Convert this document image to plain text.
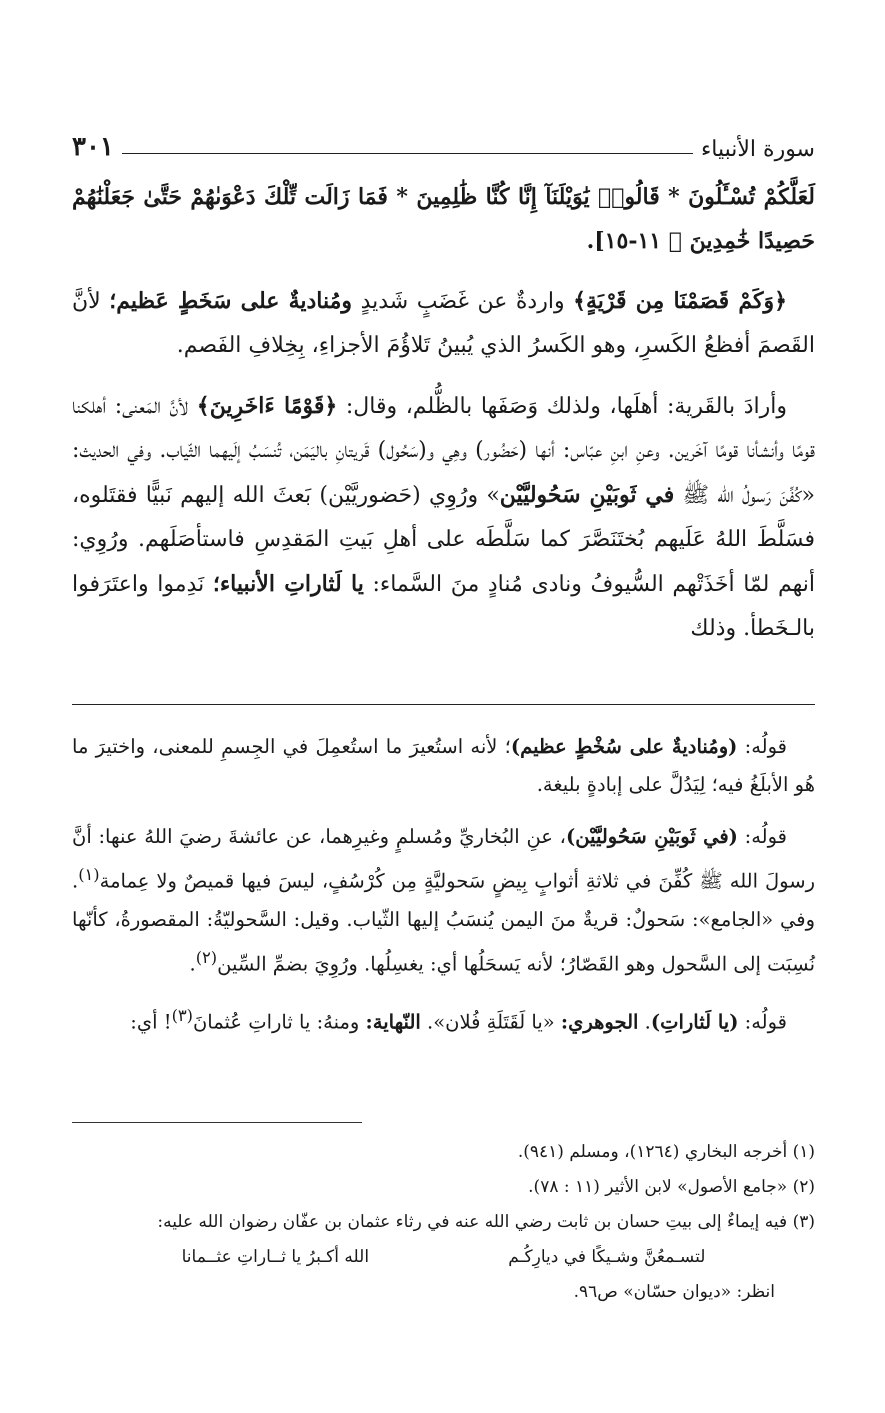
سورة الأنبياء
٣٠١

لَعَلَّكُمْ تُسْـَٔلُونَ * قَالُوا۟ يَٰوَيْلَنَآ إِنَّا كُنَّا ظَٰلِمِينَ * فَمَا زَالَت تِّلْكَ دَعْوَىٰهُمْ حَتَّىٰ جَعَلْنَٰهُمْ حَصِيدًا خَٰمِدِينَ ﴾ ١١-١٥].

﴿وَكَمْ قَصَمْنَا مِن قَرْيَةٍ﴾ واردةٌ عن غَضَبٍ شَديدٍ ومُناديةٌ على سَخَطٍ عَظيم؛ لأنَّ القَصمَ أفظعُ الكَسرِ، وهو الكَسرُ الذي يُبينُ تَلاؤُمَ الأجزاءِ، بِخِلافِ الفَصم.

وأرادَ بالقَرية: أهلَها، ولذلك وَصَفَها بالظُّلم، وقال: ﴿قَوْمًا ءَاخَرِينَ﴾ لأنَّ المَعنى: أهلكنا قومًا وأنشأنا قومًا آخَرين. وعنِ ابنِ عبّاس: أنها (حَضُور) وهِي و(سَحُول) قَريتانِ باليَمَن، تُنسَبُ إلَيهما الثّياب. وفي الحديث: «كُفِّنَ رَسولُ الله ﷺ في ثَوبَيْنِ سَحُوليَّيْن» ورُوِي (حَضوريَّيْن) بَعثَ الله إليهم نَبيًّا فقتَلوه، فسَلَّطَ اللهُ عَلَيهم بُختَنَصَّرَ كما سَلَّطَه على أهلِ بَيتِ المَقدِسِ فاستأصَلَهم. ورُوِي: أنهم لمّا أخَذَتْهم السُّيوفُ ونادى مُنادٍ منَ السَّماء: يا لَثاراتِ الأنبياء؛ نَدِموا واعتَرَفوا بالـخَطأ. وذلك

قولُه: (ومُناديةٌ على سُخْطٍ عظيم)؛ لأنه استُعيرَ ما استُعمِلَ في الجِسمِ للمعنى، واختيرَ ما هُو الأبلَغُ فيه؛ لِيَدُلَّ على إبادةٍ بليغة.

قولُه: (في ثَوبَيْنِ سَحُوليَّيْن)، عنِ البُخاريِّ ومُسلمٍ وغيرِهما، عن عائشةَ رضيَ اللهُ عنها: أنَّ رسولَ الله ﷺ كُفِّنَ في ثلاثةِ أثوابٍ بِيضٍ سَحوليَّةٍ مِن كُرْسُفٍ، ليسَ فيها قميصٌ ولا عِمامة$^{(١)}$. وفي «الجامع»: سَحولٌ: قريةٌ منَ اليمن يُنسَبُ إليها الثّياب. وقيل: السَّحوليّةُ: المقصورةُ، كأنّها نُسِبَت إلى السَّحول وهو القَصّارُ؛ لأنه يَسحَلُها أي: يغسِلُها. ورُوِيَ بضمِّ السِّين$^{(٢)}$.

قولُه: (يا لَثاراتِ). الجوهري: «يا لَقَتَلَةِ فُلان». النّهاية: ومنهُ: يا ثاراتِ عُثمانَ$^{(٣)}$! أي:

(١) أخرجه البخاري (١٢٦٤)، ومسلم (٩٤١).

(٢) «جامع الأصول» لابن الأثير (١١ : ٧٨).

(٣) فيه إيماءٌ إلى بيتِ حسان بن ثابت رضي الله عنه في رثاء عثمان بن عفّان رضوان الله عليه:

لتسـمعُنَّ وشـيكًا في ديارِكُـم
الله أكـبرُ يا ثــاراتِ عثــمانا

انظر: «ديوان حسّان» ص٩٦.
